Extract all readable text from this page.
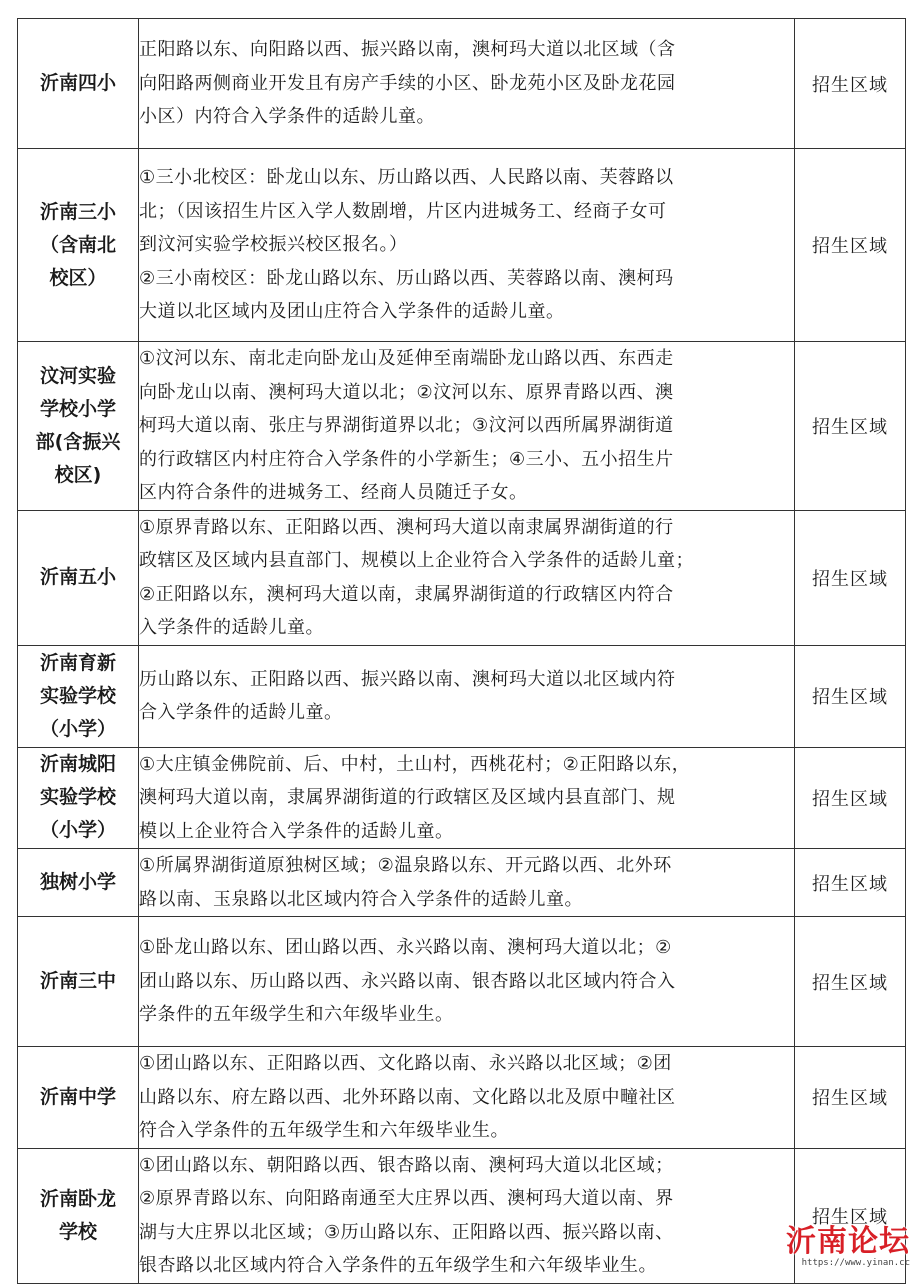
沂南四小	正阳路以东、向阳路以西、振兴路以南，澳柯玛大道以北区域（含
向阳路两侧商业开发且有房产手续的小区、卧龙苑小区及卧龙花园
小区）内符合入学条件的适龄儿童。	招生区域

沂南三小
（含南北
校区）	①三小北校区：卧龙山以东、历山路以西、人民路以南、芙蓉路以
北；（因该招生片区入学人数剧增，片区内进城务工、经商子女可
到汶河实验学校振兴校区报名。）
②三小南校区：卧龙山路以东、历山路以西、芙蓉路以南、澳柯玛
大道以北区域内及团山庄符合入学条件的适龄儿童。	招生区域

汶河实验
学校小学
部(含振兴
校区)	①汶河以东、南北走向卧龙山及延伸至南端卧龙山路以西、东西走
向卧龙山以南、澳柯玛大道以北；②汶河以东、原界青路以西、澳
柯玛大道以南、张庄与界湖街道界以北；③汶河以西所属界湖街道
的行政辖区内村庄符合入学条件的小学新生；④三小、五小招生片
区内符合条件的进城务工、经商人员随迁子女。	招生区域

沂南五小	①原界青路以东、正阳路以西、澳柯玛大道以南隶属界湖街道的行
政辖区及区域内县直部门、规模以上企业符合入学条件的适龄儿童；
②正阳路以东，澳柯玛大道以南，隶属界湖街道的行政辖区内符合
入学条件的适龄儿童。	招生区域

沂南育新
实验学校
（小学）	历山路以东、正阳路以西、振兴路以南、澳柯玛大道以北区域内符
合入学条件的适龄儿童。	招生区域

沂南城阳
实验学校
（小学）	①大庄镇金佛院前、后、中村，土山村，西桃花村；②正阳路以东，
澳柯玛大道以南，隶属界湖街道的行政辖区及区域内县直部门、规
模以上企业符合入学条件的适龄儿童。	招生区域

独树小学	①所属界湖街道原独树区域；②温泉路以东、开元路以西、北外环
路以南、玉泉路以北区域内符合入学条件的适龄儿童。	招生区域

沂南三中	①卧龙山路以东、团山路以西、永兴路以南、澳柯玛大道以北；②
团山路以东、历山路以西、永兴路以南、银杏路以北区域内符合入
学条件的五年级学生和六年级毕业生。	招生区域

沂南中学	①团山路以东、正阳路以西、文化路以南、永兴路以北区域；②团
山路以东、府左路以西、北外环路以南、文化路以北及原中疃社区
符合入学条件的五年级学生和六年级毕业生。	招生区域

沂南卧龙
学校	①团山路以东、朝阳路以西、银杏路以南、澳柯玛大道以北区域；
②原界青路以东、向阳路南通至大庄界以西、澳柯玛大道以南、界
湖与大庄界以北区域；③历山路以东、正阳路以西、振兴路以南、
银杏路以北区域内符合入学条件的五年级学生和六年级毕业生。	招生区域
沂南论坛
https://www.yinan.cc
